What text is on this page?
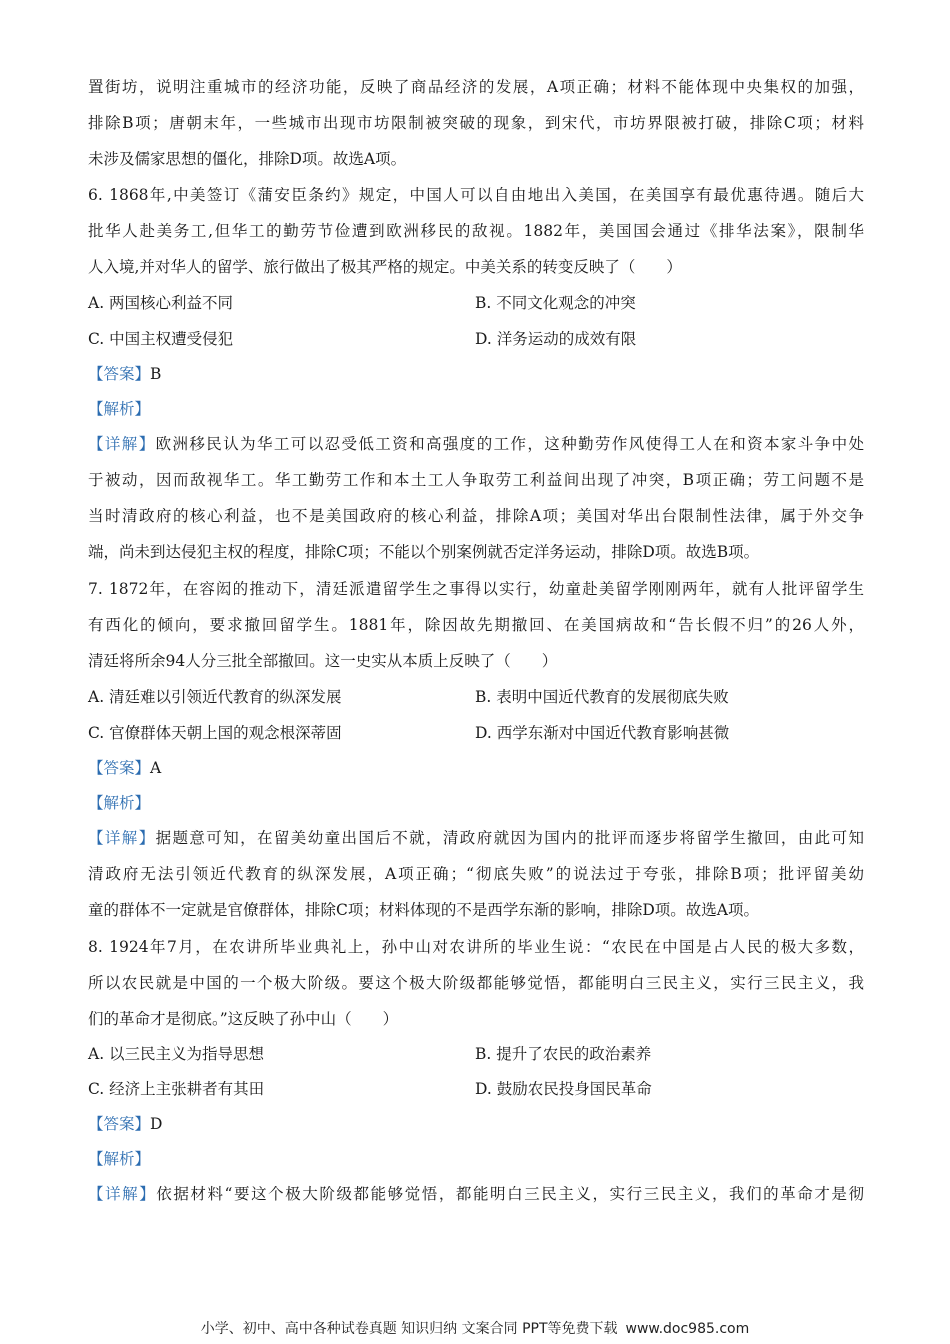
置街坊，说明注重城市的经济功能，反映了商品经济的发展，A项正确；材料不能体现中央集权的加强，
排除B项；唐朝末年，一些城市出现市坊限制被突破的现象，到宋代，市坊界限被打破，排除C项；材料
未涉及儒家思想的僵化，排除D项。故选A项。
6. 1868年,中美签订《蒲安臣条约》规定，中国人可以自由地出入美国，在美国享有最优惠待遇。随后大
批华人赴美务工,但华工的勤劳节俭遭到欧洲移民的敌视。1882年，美国国会通过《排华法案》，限制华
人入境,并对华人的留学、旅行做出了极其严格的规定。中美关系的转变反映了（　　）
A. 两国核心利益不同	B. 不同文化观念的冲突
C. 中国主权遭受侵犯	D. 洋务运动的成效有限
【答案】B
【解析】
【详解】欧洲移民认为华工可以忍受低工资和高强度的工作，这种勤劳作风使得工人在和资本家斗争中处
于被动，因而敌视华工。华工勤劳工作和本土工人争取劳工利益间出现了冲突，B项正确；劳工问题不是
当时清政府的核心利益，也不是美国政府的核心利益，排除A项；美国对华出台限制性法律，属于外交争
端，尚未到达侵犯主权的程度，排除C项；不能以个别案例就否定洋务运动，排除D项。故选B项。
7. 1872年，在容闳的推动下，清廷派遣留学生之事得以实行，幼童赴美留学刚刚两年，就有人批评留学生
有西化的倾向，要求撤回留学生。1881年，除因故先期撤回、在美国病故和“告长假不归”的26人外，
清廷将所余94人分三批全部撤回。这一史实从本质上反映了（　　）
A. 清廷难以引领近代教育的纵深发展	B. 表明中国近代教育的发展彻底失败
C. 官僚群体天朝上国的观念根深蒂固	D. 西学东渐对中国近代教育影响甚微
【答案】A
【解析】
【详解】据题意可知，在留美幼童出国后不就，清政府就因为国内的批评而逐步将留学生撤回，由此可知
清政府无法引领近代教育的纵深发展，A项正确；“彻底失败”的说法过于夸张，排除B项；批评留美幼
童的群体不一定就是官僚群体，排除C项；材料体现的不是西学东渐的影响，排除D项。故选A项。
8. 1924年7月，在农讲所毕业典礼上，孙中山对农讲所的毕业生说：“农民在中国是占人民的极大多数，
所以农民就是中国的一个极大阶级。要这个极大阶级都能够觉悟，都能明白三民主义，实行三民主义，我
们的革命才是彻底。”这反映了孙中山（　　）
A. 以三民主义为指导思想	B. 提升了农民的政治素养
C. 经济上主张耕者有其田	D. 鼓励农民投身国民革命
【答案】D
【解析】
【详解】依据材料“要这个极大阶级都能够觉悟，都能明白三民主义，实行三民主义，我们的革命才是彻
小学、初中、高中各种试卷真题 知识归纳 文案合同 PPT等免费下载 www.doc985.com
